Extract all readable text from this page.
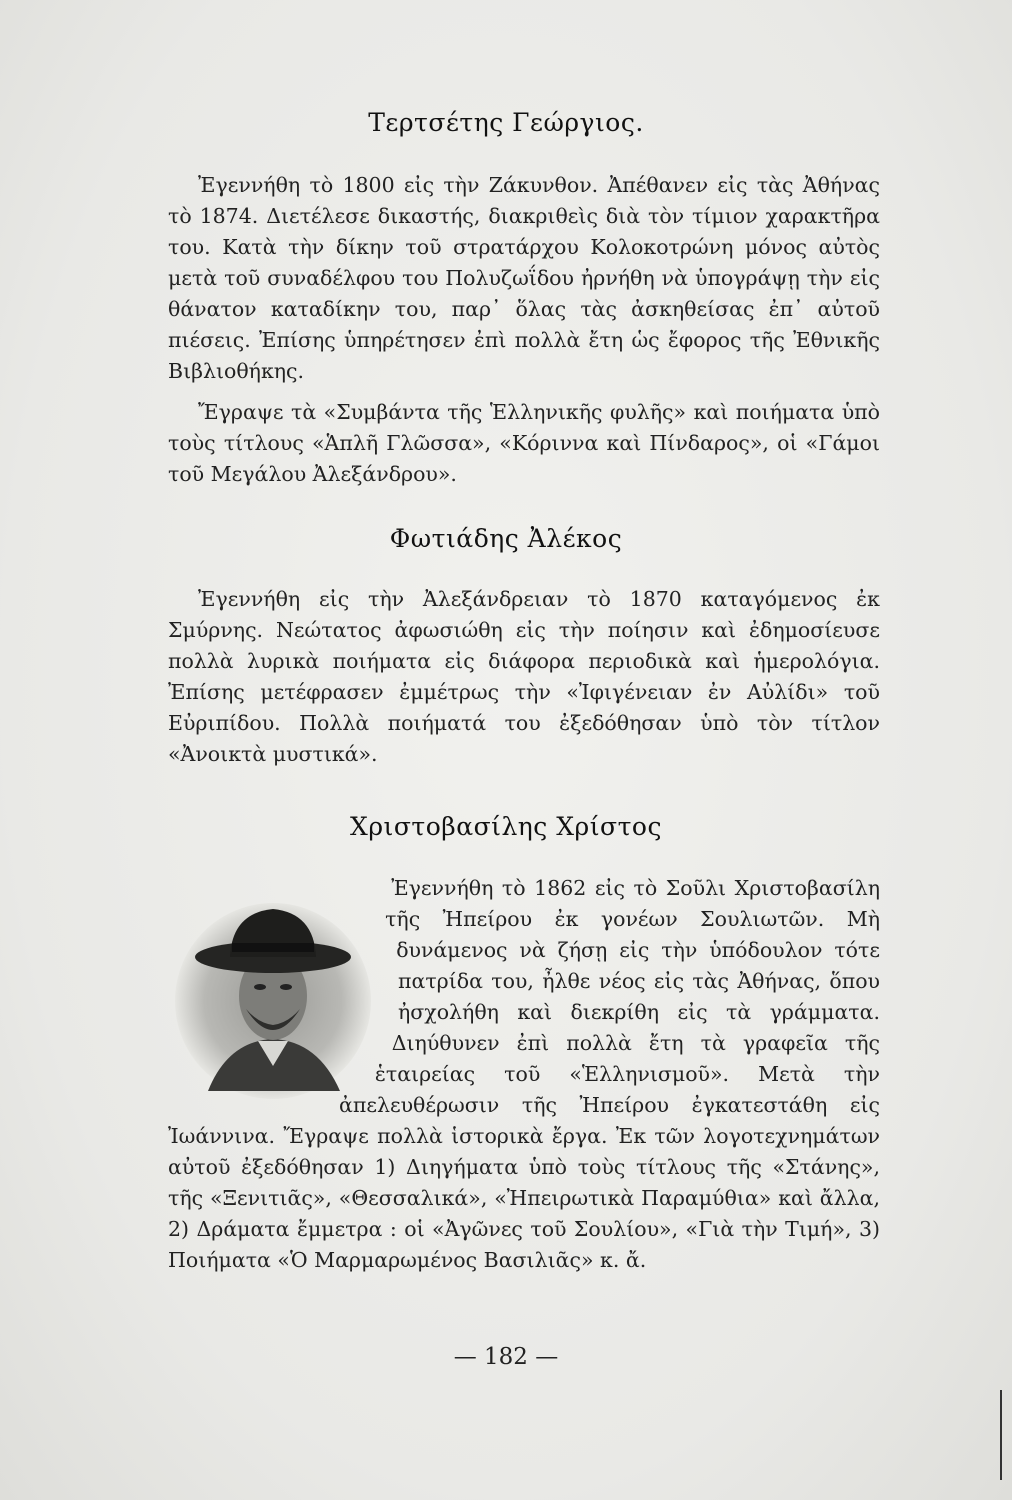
Τερτσέτης Γεώργιος.

Ἐγεννήθη τὸ 1800 εἰς τὴν Ζάκυνθον. Ἀπέθανεν εἰς τὰς Ἀθήνας τὸ 1874. Διετέλεσε δικαστής, διακριθεὶς διὰ τὸν τίμιον χαρακτῆρα του. Κατὰ τὴν δίκην τοῦ στρατάρχου Κολοκοτρώνη μόνος αὐτὸς μετὰ τοῦ συναδέλφου του Πολυζωΐδου ἠρνήθη νὰ ὑπογράψῃ τὴν εἰς θάνατον καταδίκην του, παρ᾿ ὅλας τὰς ἀσκηθείσας ἐπ᾿ αὐτοῦ πιέσεις. Ἐπίσης ὑπηρέτησεν ἐπὶ πολλὰ ἔτη ὡς ἔφορος τῆς Ἐθνικῆς Βιβλιοθήκης.

Ἔγραψε τὰ «Συμβάντα τῆς Ἑλληνικῆς φυλῆς» καὶ ποιήματα ὑπὸ τοὺς τίτλους «Ἁπλῆ Γλῶσσα», «Κόριννα καὶ Πίνδαρος», οἱ «Γάμοι τοῦ Μεγάλου Ἀλεξάνδρου».

Φωτιάδης Ἀλέκος

Ἐγεννήθη εἰς τὴν Ἀλεξάνδρειαν τὸ 1870 καταγόμενος ἐκ Σμύρνης. Νεώτατος ἀφωσιώθη εἰς τὴν ποίησιν καὶ ἐδημοσίευσε πολλὰ λυρικὰ ποιήματα εἰς διάφορα περιοδικὰ καὶ ἡμερολόγια. Ἐπίσης μετέφρασεν ἐμμέτρως τὴν «Ἰφιγένειαν ἐν Αὐλίδι» τοῦ Εὐριπίδου. Πολλὰ ποιήματά του ἐξεδόθησαν ὑπὸ τὸν τίτλον «Ἀνοικτὰ μυστικά».

Χριστοβασίλης Χρίστος
Ἐγεννήθη τὸ 1862 εἰς τὸ Σοῦλι Χριστοβασίλη τῆς Ἠπείρου ἐκ γονέων Σουλιωτῶν. Μὴ δυνάμενος νὰ ζήσῃ εἰς τὴν ὑπόδουλον τότε πατρίδα του, ἦλθε νέος εἰς τὰς Ἀθήνας, ὅπου ἠσχολήθη καὶ διεκρίθη εἰς τὰ γράμματα. Διηύθυνεν ἐπὶ πολλὰ ἔτη τὰ γραφεῖα τῆς ἑταιρείας τοῦ «Ἑλληνισμοῦ». Μετὰ τὴν ἀπελευθέρωσιν τῆς Ἠπείρου ἐγκατεστάθη εἰς Ἰωάννινα. Ἔγραψε πολλὰ ἱστορικὰ ἔργα. Ἐκ τῶν λογοτεχνημάτων αὐτοῦ ἐξεδόθησαν 1) Διηγήματα ὑπὸ τοὺς τίτλους τῆς «Στάνης», τῆς «Ξενιτιᾶς», «Θεσσαλικά», «Ἠπειρωτικὰ Παραμύθια» καὶ ἄλλα, 2) Δράματα ἔμμετρα : οἱ «Ἀγῶνες τοῦ Σουλίου», «Γιὰ τὴν Τιμή», 3) Ποιήματα «Ὁ Μαρμαρωμένος Βασιλιᾶς» κ. ἄ.
— 182 —
